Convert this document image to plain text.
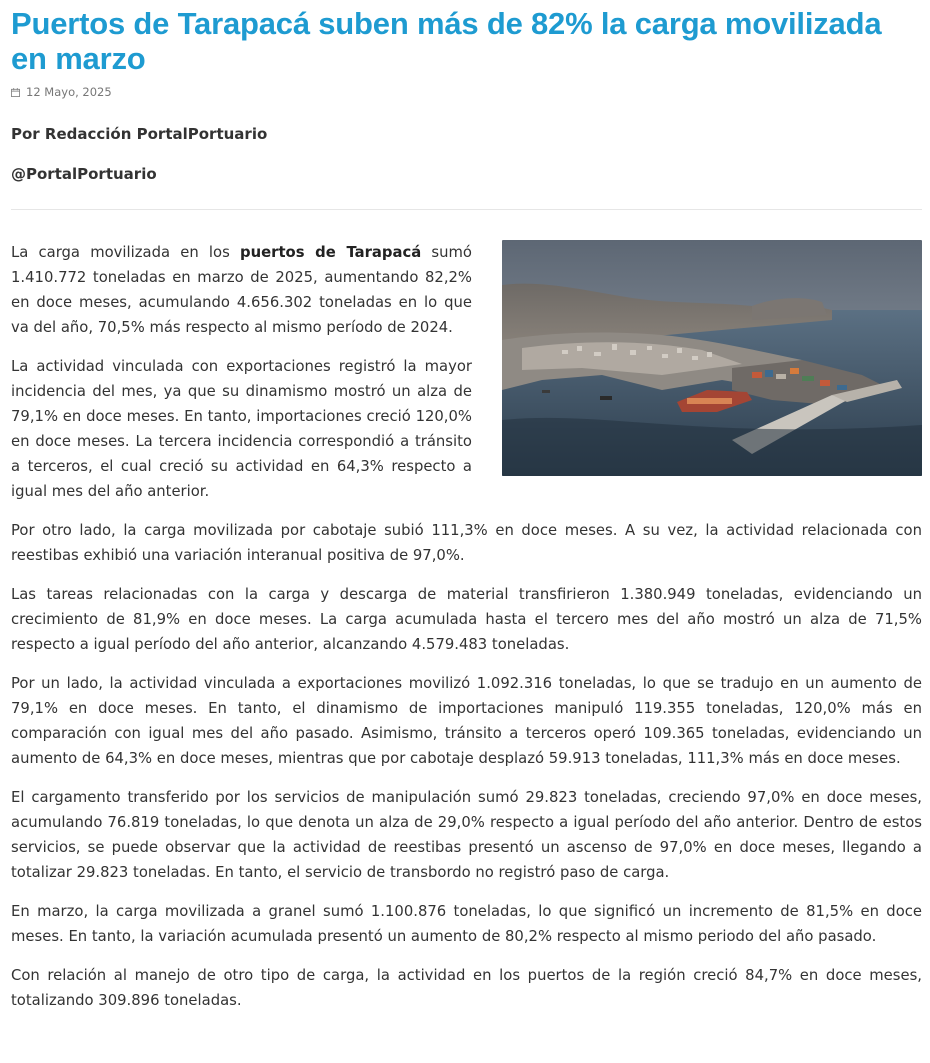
Puertos de Tarapacá suben más de 82% la carga movilizada en marzo
12 Mayo, 2025

Por Redacción PortalPortuario

@PortalPortuario

La carga movilizada en los puertos de Tarapacá sumó 1.410.772 toneladas en marzo de 2025, aumentando 82,2% en doce meses, acumulando 4.656.302 toneladas en lo que va del año, 70,5% más respecto al mismo período de 2024.

La actividad vinculada con exportaciones registró la mayor incidencia del mes, ya que su dinamismo mostró un alza de 79,1% en doce meses. En tanto, importaciones creció 120,0% en doce meses. La tercera incidencia correspondió a tránsito a terceros, el cual creció su actividad en 64,3% respecto a igual mes del año anterior.

Por otro lado, la carga movilizada por cabotaje subió 111,3% en doce meses. A su vez, la actividad relacionada con reestibas exhibió una variación interanual positiva de 97,0%.

Las tareas relacionadas con la carga y descarga de material transfirieron 1.380.949 toneladas, evidenciando un crecimiento de 81,9% en doce meses. La carga acumulada hasta el tercero mes del año mostró un alza de 71,5% respecto a igual período del año anterior, alcanzando 4.579.483 toneladas.

Por un lado, la actividad vinculada a exportaciones movilizó 1.092.316 toneladas, lo que se tradujo en un aumento de 79,1% en doce meses. En tanto, el dinamismo de importaciones manipuló 119.355 toneladas, 120,0% más en comparación con igual mes del año pasado. Asimismo, tránsito a terceros operó 109.365 toneladas, evidenciando un aumento de 64,3% en doce meses, mientras que por cabotaje desplazó 59.913 toneladas, 111,3% más en doce meses.

El cargamento transferido por los servicios de manipulación sumó 29.823 toneladas, creciendo 97,0% en doce meses, acumulando 76.819 toneladas, lo que denota un alza de 29,0% respecto a igual período del año anterior. Dentro de estos servicios, se puede observar que la actividad de reestibas presentó un ascenso de 97,0% en doce meses, llegando a totalizar 29.823 toneladas. En tanto, el servicio de transbordo no registró paso de carga.

En marzo, la carga movilizada a granel sumó 1.100.876 toneladas, lo que significó un incremento de 81,5% en doce meses. En tanto, la variación acumulada presentó un aumento de 80,2% respecto al mismo periodo del año pasado.

Con relación al manejo de otro tipo de carga, la actividad en los puertos de la región creció 84,7% en doce meses, totalizando 309.896 toneladas.
